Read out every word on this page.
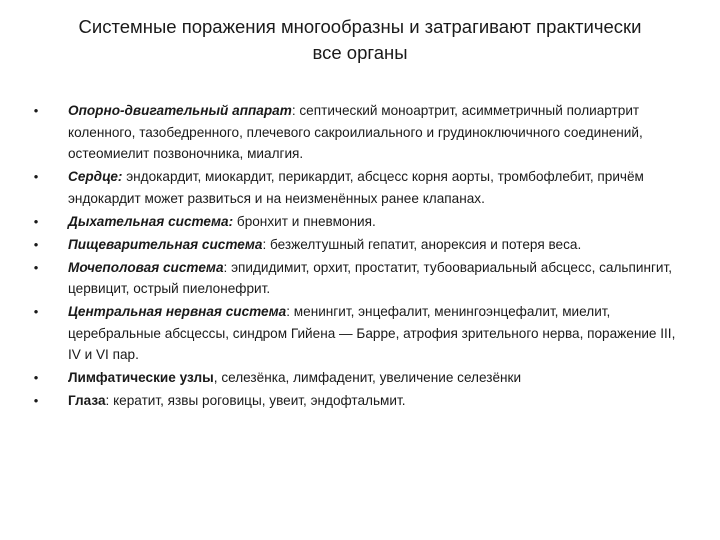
Системные поражения многообразны и затрагивают практически
все органы
• Опорно-двигательный аппарат: септический моноартрит, асимметричный полиартрит коленного, тазобедренного, плечевого сакроилиального и грудиноключичного соединений, остеомиелит позвоночника, миалгия.
• Сердце: эндокардит, миокардит, перикардит, абсцесс корня аорты, тромбофлебит, причём эндокардит может развиться и на неизменённых ранее клапанах.
• Дыхательная система: бронхит и пневмония.
• Пищеварительная система: безжелтушный гепатит, анорексия и потеря веса.
• Мочеполовая система: эпидидимит, орхит, простатит, тубоовариальный абсцесс, сальпингит, цервицит, острый пиелонефрит.
• Центральная нервная система: менингит, энцефалит, менингоэнцефалит, миелит, церебральные абсцессы, синдром Гийена — Барре, атрофия зрительного нерва, поражение III, IV и VI пар.
• Лимфатические узлы, селезёнка, лимфаденит, увеличение селезёнки
• Глаза: кератит, язвы роговицы, увеит, эндофтальмит.
